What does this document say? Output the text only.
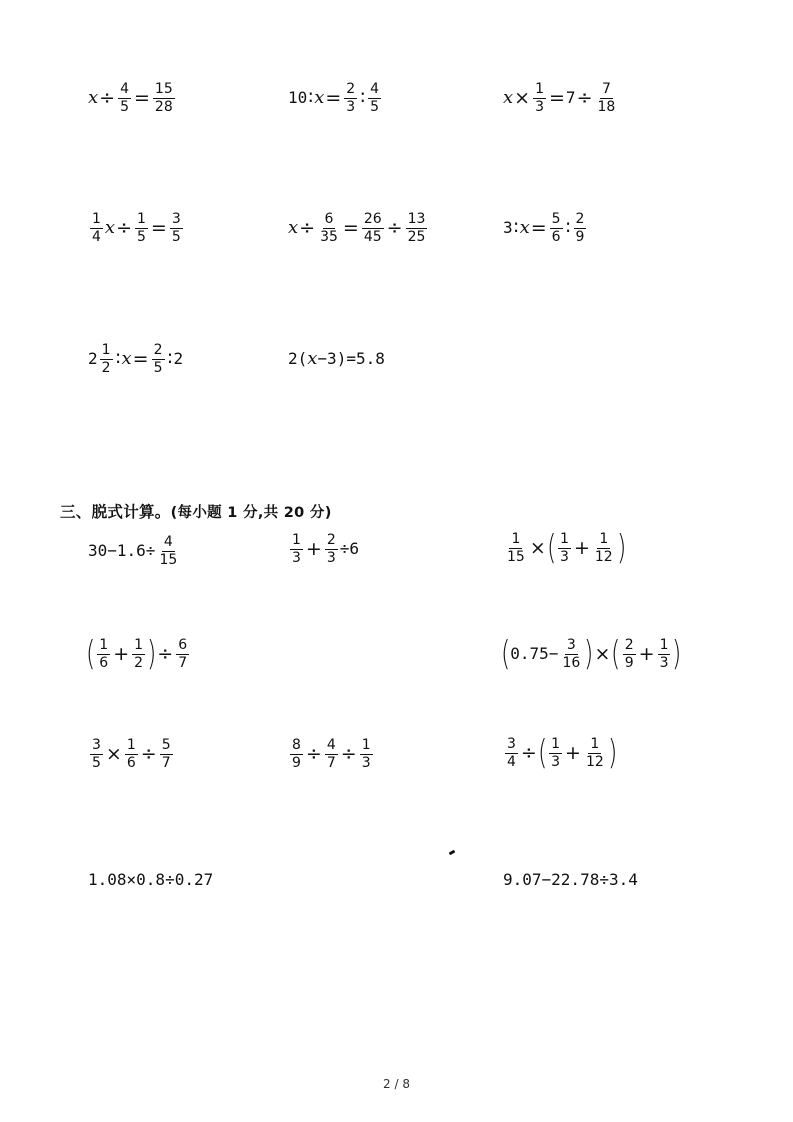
$x \div \frac{4}{5} = \frac{15}{28}$	10 ∶ $x = \frac{2}{3}$ ∶ $\frac{4}{5}$	$x \times \frac{1}{3} = 7 \div \frac{7}{18}$
$\frac{1}{4}$ $x \div \frac{1}{5} = \frac{3}{5}$	$x \div \frac{6}{35} = \frac{26}{45} \div \frac{13}{25}$	3 ∶ $x = \frac{5}{6}$ ∶ $\frac{2}{9}$
$2 \frac{1}{2}$ ∶ $x = \frac{2}{5}$ ∶ 2	2( x −3)=5.8
三、脱式计算。(每小题 1 分,共 20 分)
$30-1.6\div \frac{4}{15}$	$\frac{1}{3} + \frac{2}{3} \div 6$	$\frac{1}{15}$ × ( $\frac{1}{3} + \frac{1}{12}$ )
( $\frac{1}{6} + \frac{1}{2}$ ) ÷ $\frac{6}{7}$	( $0.75- \frac{3}{16}$ ) × ( $\frac{2}{9} + \frac{1}{3}$ )
$\frac{3}{5} \times \frac{1}{6} \div \frac{5}{7}$	$\frac{8}{9} \div \frac{4}{7} \div \frac{1}{3}$	$\frac{3}{4}$ ÷ ( $\frac{1}{3} + \frac{1}{12}$ )
1.08×0.8÷0.27	9.07−22.78÷3.4
2 / 8
